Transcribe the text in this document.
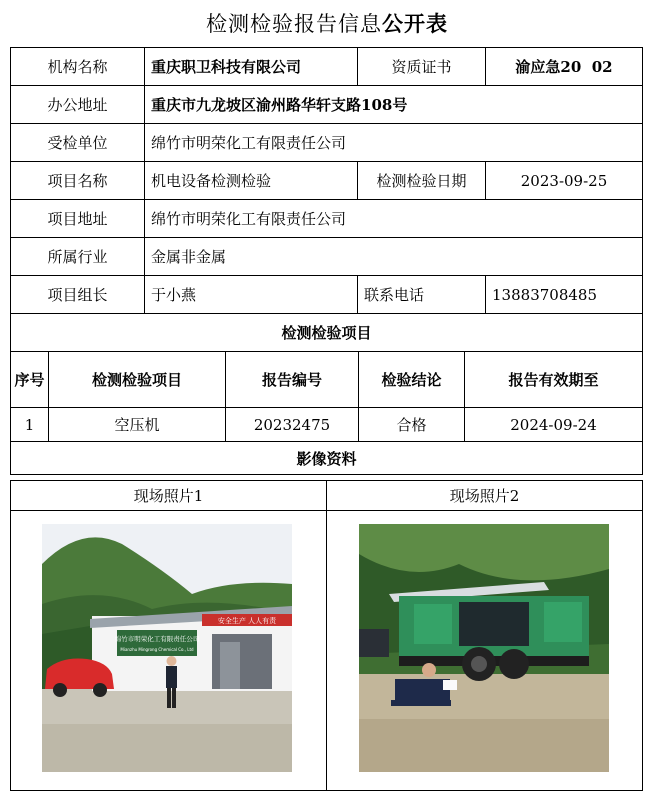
检测检验报告信息公开表
机构名称	重庆职卫科技有限公司	资质证书	渝应急20  02
办公地址	重庆市九龙坡区渝州路华轩支路108号		
受检单位	绵竹市明荣化工有限责任公司		
项目名称	机电设备检测检验	检测检验日期	2023-09-25
项目地址	绵竹市明荣化工有限责任公司		
所属行业	金属非金属		
项目组长	于小燕	联系电话	13883708485
检测检验项目			
序号	检测检验项目	报告编号	检验结论	报告有效期至
1	空压机	20232475	合格	2024-09-24
影像资料				
现场照片1	现场照片2

安全生产 人人有责
绵竹市明荣化工有限责任公司
Mianzhu Mingrong Chemical Co., Ltd
